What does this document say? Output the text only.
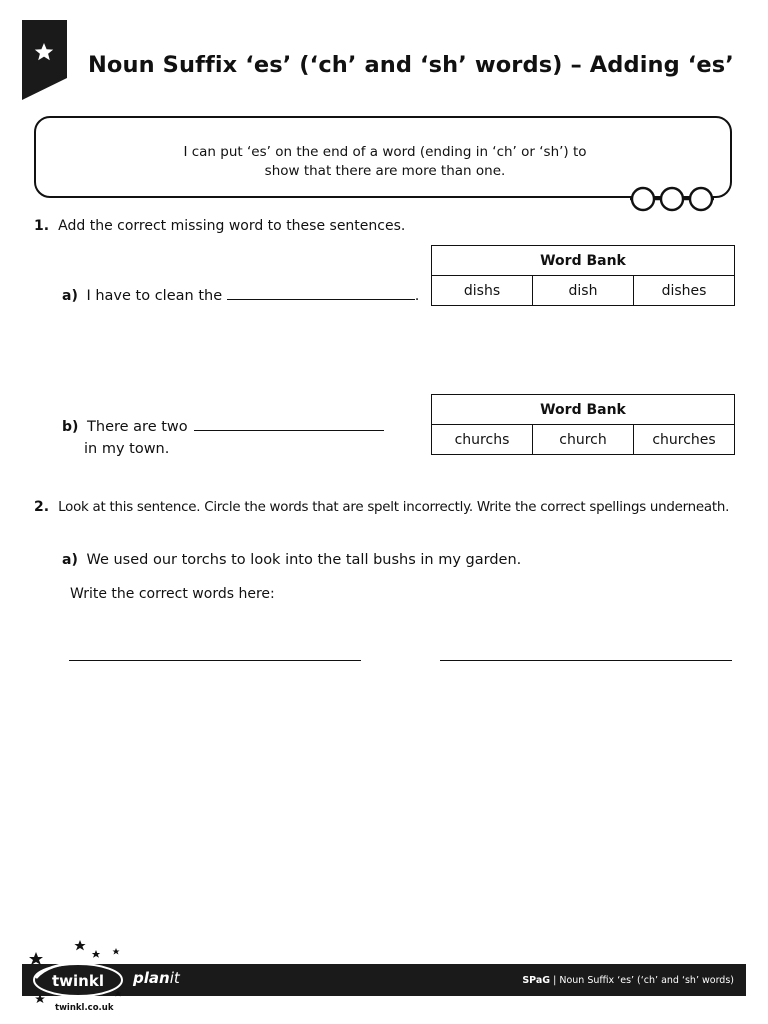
Noun Suffix ‘es’ (‘ch’ and ‘sh’ words) – Adding ‘es’
I can put ‘es’ on the end of a word (ending in ‘ch’ or ‘sh’) to
show that there are more than one.
1. Add the correct missing word to these sentences.
a) I have to clean the	.
Word Bank
dishs	dish	dishes
b) There are two
in my town.
Word Bank
churchs	church	churches
2. Look at this sentence. Circle the words that are spelt incorrectly. Write the correct spellings underneath.
a) We used our torchs to look into the tall bushs in my garden.
Write the correct words here:
twinkl
twinkl.co.uk
planit	SPaG | Noun Suffix ‘es’ (‘ch’ and ‘sh’ words)
